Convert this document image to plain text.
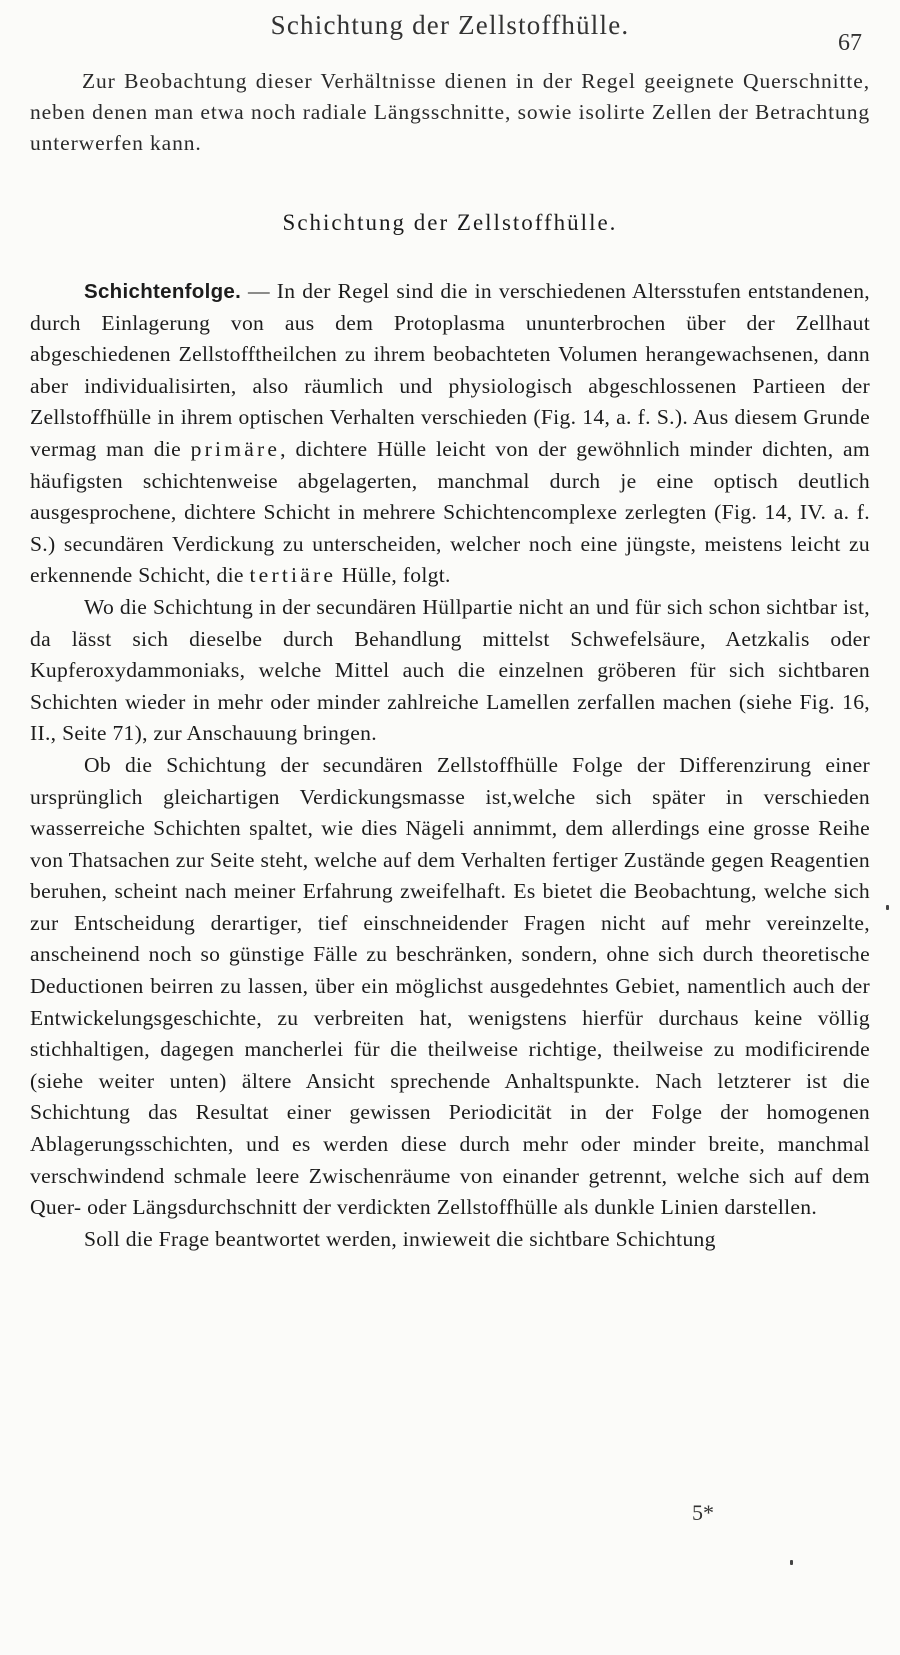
Schichtung der Zellstoffhülle.
67
Zur Beobachtung dieser Verhältnisse dienen in der Regel geeignete Querschnitte, neben denen man etwa noch radiale Längsschnitte, sowie isolirte Zellen der Betrachtung unterwerfen kann.
Schichtung der Zellstoffhülle.

Schichtenfolge. — In der Regel sind die in verschiedenen Altersstufen entstandenen, durch Einlagerung von aus dem Protoplasma ununterbrochen über der Zellhaut abgeschiedenen Zellstofftheilchen zu ihrem beobachteten Volumen herangewachsenen, dann aber individualisirten, also räumlich und physiologisch abgeschlossenen Partieen der Zellstoffhülle in ihrem optischen Verhalten verschieden (Fig. 14, a. f. S.). Aus diesem Grunde vermag man die primäre, dichtere Hülle leicht von der gewöhnlich minder dichten, am häufigsten schichtenweise abgelagerten, manchmal durch je eine optisch deutlich ausgesprochene, dichtere Schicht in mehrere Schichtencomplexe zerlegten (Fig. 14, IV. a. f. S.) secundären Verdickung zu unterscheiden, welcher noch eine jüngste, meistens leicht zu erkennende Schicht, die tertiäre Hülle, folgt.

Wo die Schichtung in der secundären Hüllpartie nicht an und für sich schon sichtbar ist, da lässt sich dieselbe durch Behandlung mittelst Schwefelsäure, Aetzkalis oder Kupferoxydammoniaks, welche Mittel auch die einzelnen gröberen für sich sichtbaren Schichten wieder in mehr oder minder zahlreiche Lamellen zerfallen machen (siehe Fig. 16, II., Seite 71), zur Anschauung bringen.

Ob die Schichtung der secundären Zellstoffhülle Folge der Differenzirung einer ursprünglich gleichartigen Verdickungsmasse ist,welche sich später in verschieden wasserreiche Schichten spaltet, wie dies Nägeli annimmt, dem allerdings eine grosse Reihe von Thatsachen zur Seite steht, welche auf dem Verhalten fertiger Zustände gegen Reagentien beruhen, scheint nach meiner Erfahrung zweifelhaft. Es bietet die Beobachtung, welche sich zur Entscheidung derartiger, tief einschneidender Fragen nicht auf mehr vereinzelte, anscheinend noch so günstige Fälle zu beschränken, sondern, ohne sich durch theoretische Deductionen beirren zu lassen, über ein möglichst ausgedehntes Gebiet, namentlich auch der Entwickelungsgeschichte, zu verbreiten hat, wenigstens hierfür durchaus keine völlig stichhaltigen, dagegen mancherlei für die theilweise richtige, theilweise zu modificirende (siehe weiter unten) ältere Ansicht sprechende Anhaltspunkte. Nach letzterer ist die Schichtung das Resultat einer gewissen Periodicität in der Folge der homogenen Ablagerungsschichten, und es werden diese durch mehr oder minder breite, manchmal verschwindend schmale leere Zwischenräume von einander getrennt, welche sich auf dem Quer- oder Längsdurchschnitt der verdickten Zellstoffhülle als dunkle Linien darstellen.

Soll die Frage beantwortet werden, inwieweit die sichtbare Schichtung

5*
